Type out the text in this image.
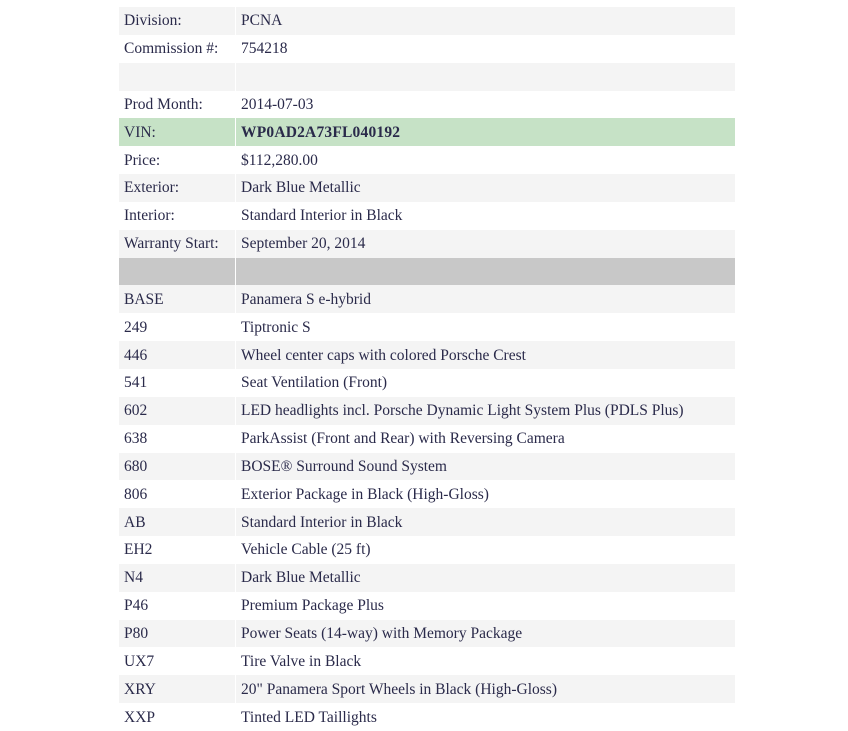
Division:	PCNA
Commission #:	754218

Prod Month:	2014-07-03
VIN:	WP0AD2A73FL040192
Price:	$112,280.00
Exterior:	Dark Blue Metallic
Interior:	Standard Interior in Black
Warranty Start:	September 20, 2014

BASE	Panamera S e-hybrid
249	Tiptronic S
446	Wheel center caps with colored Porsche Crest
541	Seat Ventilation (Front)
602	LED headlights incl. Porsche Dynamic Light System Plus (PDLS Plus)
638	ParkAssist (Front and Rear) with Reversing Camera
680	BOSE® Surround Sound System
806	Exterior Package in Black (High-Gloss)
AB	Standard Interior in Black
EH2	Vehicle Cable (25 ft)
N4	Dark Blue Metallic
P46	Premium Package Plus
P80	Power Seats (14-way) with Memory Package
UX7	Tire Valve in Black
XRY	20" Panamera Sport Wheels in Black (High-Gloss)
XXP	Tinted LED Taillights
